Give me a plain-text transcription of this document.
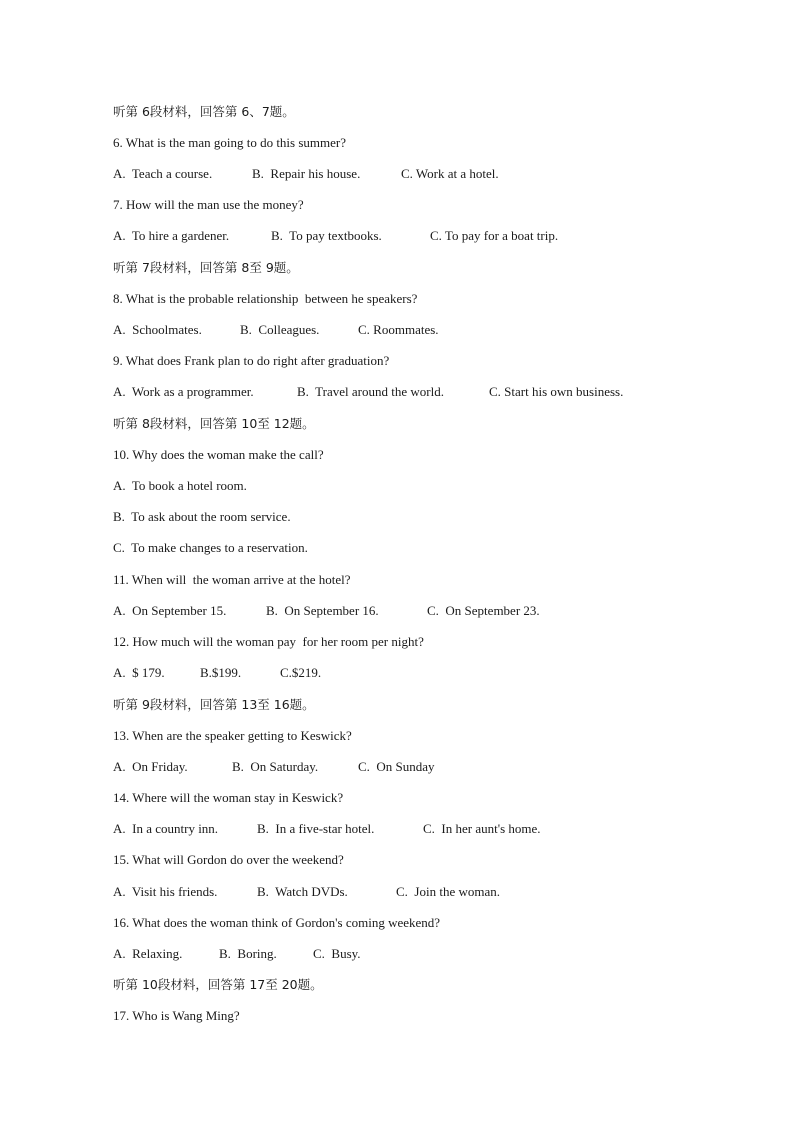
听第 6段材料，回答第 6、7题。
6. What is the man going to do this summer?
A.  Teach a course.	B.  Repair his house.	C. Work at a hotel.
7. How will the man use the money?
A.  To hire a gardener.	B.  To pay textbooks.	C. To pay for a boat trip.
听第 7段材料，回答第 8至 9题。
8. What is the probable relationship  between he speakers?
A.  Schoolmates.	B.  Colleagues.	C. Roommates.
9. What does Frank plan to do right after graduation?
A.  Work as a programmer.	B.  Travel around the world.	C. Start his own business.
听第 8段材料，回答第 10至 12题。
10. Why does the woman make the call?
A.  To book a hotel room.
B.  To ask about the room service.
C.  To make changes to a reservation.
11. When will  the woman arrive at the hotel?
A.  On September 15.	B.  On September 16.	C.  On September 23.
12. How much will the woman pay  for her room per night?
A.  $ 179.	B.$199.	C.$219.
听第 9段材料，回答第 13至 16题。
13. When are the speaker getting to Keswick?
A.  On Friday.	B.  On Saturday.	C.  On Sunday
14. Where will the woman stay in Keswick?
A.  In a country inn.	B.  In a five-star hotel.	C.  In her aunt's home.
15. What will Gordon do over the weekend?
A.  Visit his friends.	B.  Watch DVDs.	C.  Join the woman.
16. What does the woman think of Gordon's coming weekend?
A.  Relaxing.	B.  Boring.	C.  Busy.
听第 10段材料，回答第 17至 20题。
17. Who is Wang Ming?
